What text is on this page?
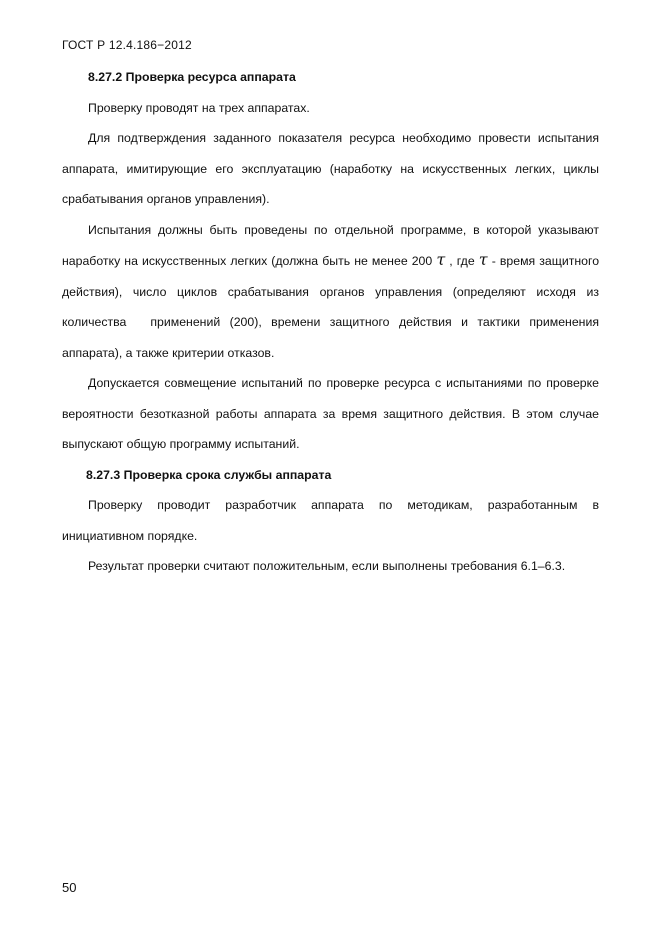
ГОСТ Р 12.4.186−2012
8.27.2 Проверка ресурса аппарата

Проверку проводят на трех аппаратах.

Для подтверждения заданного показателя ресурса необходимо провести испытания аппарата, имитирующие его эксплуатацию (наработку на искусственных легких, циклы срабатывания органов управления).

Испытания должны быть проведены по отдельной программе, в которой указывают наработку на искусственных легких (должна быть не менее 200 τ , где τ - время защитного действия), число циклов срабатывания органов управления (определяют исходя из количества применений (200), времени защитного действия и тактики применения аппарата), а также критерии отказов.

Допускается совмещение испытаний по проверке ресурса с испытаниями по проверке вероятности безотказной работы аппарата за время защитного действия. В этом случае выпускают общую программу испытаний.

8.27.3 Проверка срока службы аппарата

Проверку проводит разработчик аппарата по методикам, разработанным в инициативном порядке.

Результат проверки считают положительным, если выполнены требования 6.1–6.3.

50
